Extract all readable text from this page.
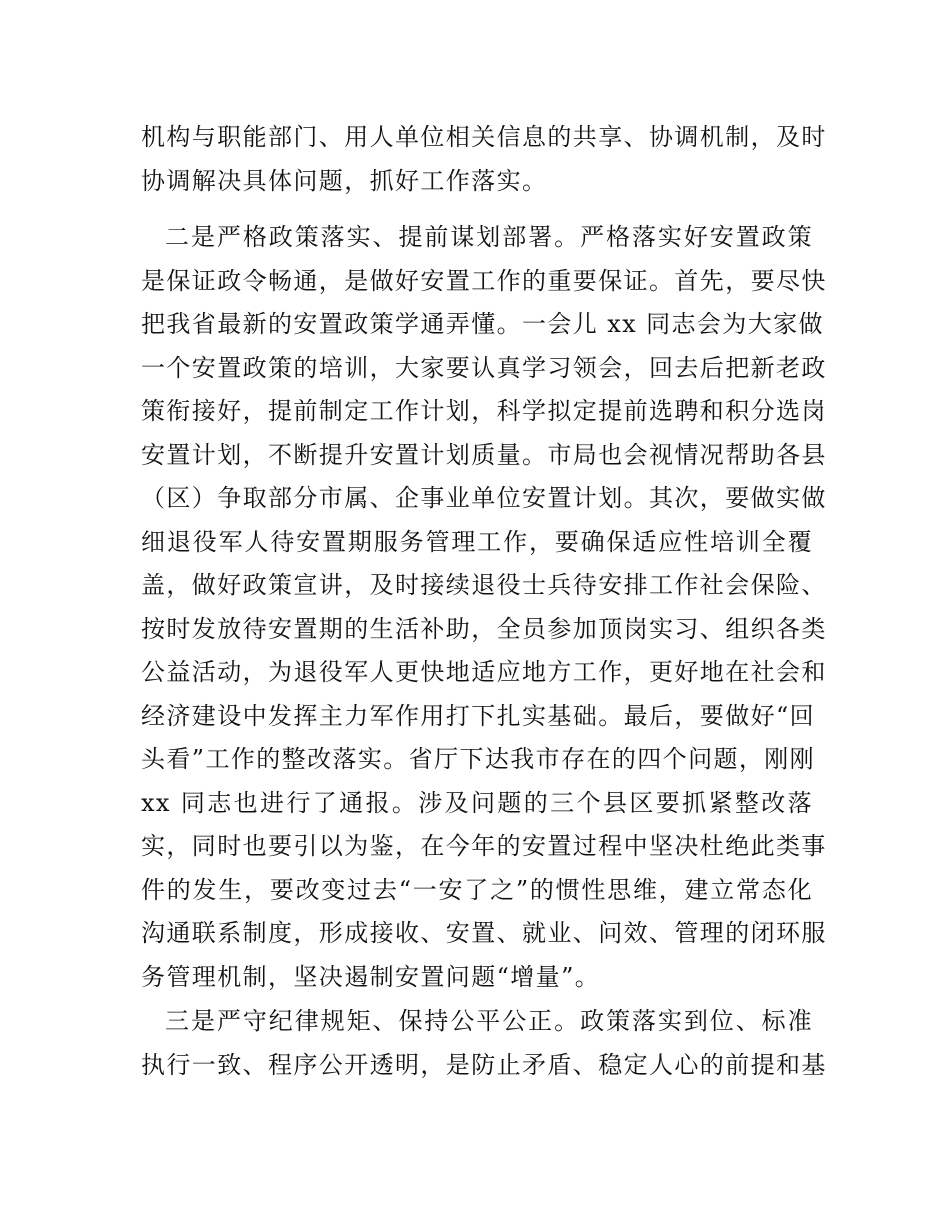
机构与职能部门、用人单位相关信息的共享、协调机制，及时
协调解决具体问题，抓好工作落实。
二是严格政策落实、提前谋划部署。严格落实好安置政策
是保证政令畅通，是做好安置工作的重要保证。首先，要尽快
把我省最新的安置政策学通弄懂。一会儿 xx 同志会为大家做
一个安置政策的培训，大家要认真学习领会，回去后把新老政
策衔接好，提前制定工作计划，科学拟定提前选聘和积分选岗
安置计划，不断提升安置计划质量。市局也会视情况帮助各县
（区）争取部分市属、企事业单位安置计划。其次，要做实做
细退役军人待安置期服务管理工作，要确保适应性培训全覆
盖，做好政策宣讲，及时接续退役士兵待安排工作社会保险、
按时发放待安置期的生活补助，全员参加顶岗实习、组织各类
公益活动，为退役军人更快地适应地方工作，更好地在社会和
经济建设中发挥主力军作用打下扎实基础。最后，要做好“回
头看”工作的整改落实。省厅下达我市存在的四个问题，刚刚
xx 同志也进行了通报。涉及问题的三个县区要抓紧整改落
实，同时也要引以为鉴，在今年的安置过程中坚决杜绝此类事
件的发生，要改变过去“一安了之”的惯性思维，建立常态化
沟通联系制度，形成接收、安置、就业、问效、管理的闭环服
务管理机制，坚决遏制安置问题“增量”。
三是严守纪律规矩、保持公平公正。政策落实到位、标准
执行一致、程序公开透明，是防止矛盾、稳定人心的前提和基
